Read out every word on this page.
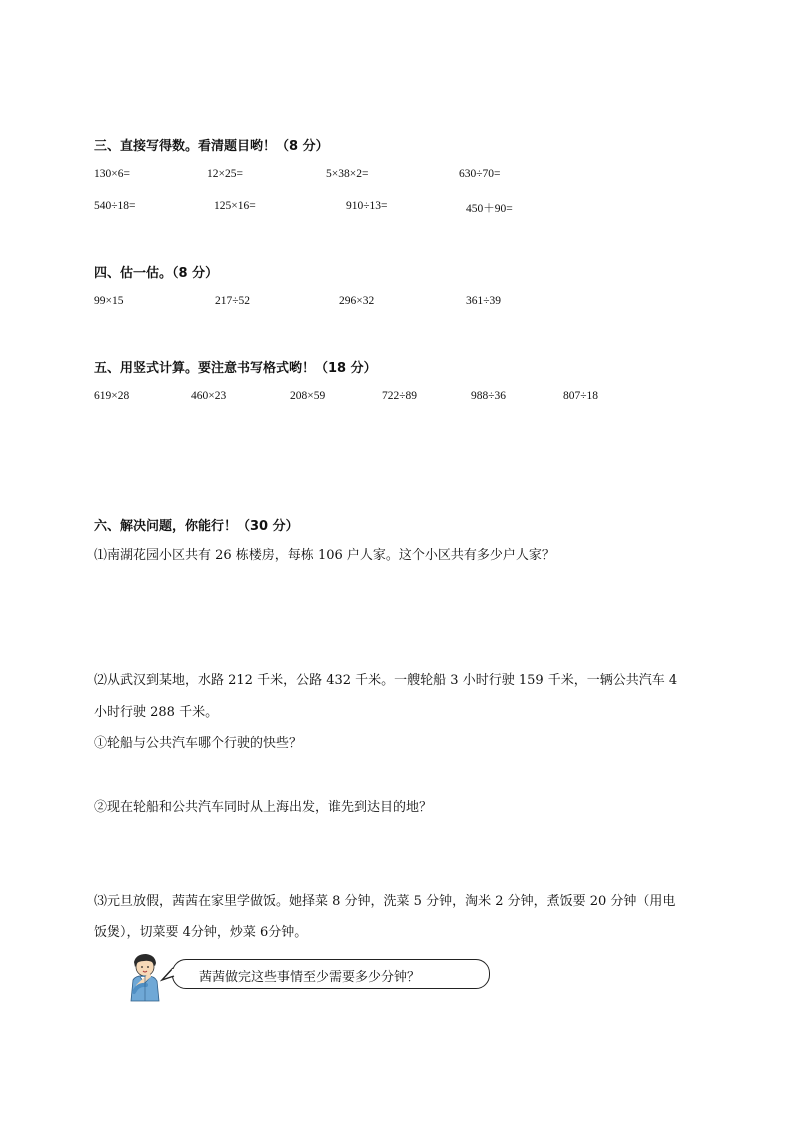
三、直接写得数。看清题目哟！（8 分）
130×6=	12×25=	5×38×2=	630÷70=
540÷18=	125×16=	910÷13=	450＋90=
四、估一估。（8 分）
99×15	217÷52	296×32	361÷39
五、用竖式计算。要注意书写格式哟！（18 分）
619×28	460×23	208×59	722÷89	988÷36	807÷18
六、解决问题，你能行！（30 分）
⑴南湖花园小区共有 26 栋楼房，每栋 106 户人家。这个小区共有多少户人家？
⑵从武汉到某地，水路 212 千米，公路 432 千米。一艘轮船 3 小时行驶 159 千米，一辆公共汽车 4
小时行驶 288 千米。
①轮船与公共汽车哪个行驶的快些？
②现在轮船和公共汽车同时从上海出发，谁先到达目的地？
⑶元旦放假，茜茜在家里学做饭。她择菜 8 分钟，洗菜 5 分钟，淘米 2 分钟，煮饭要 20 分钟（用电
饭煲），切菜要 4分钟，炒菜 6分钟。
茜茜做完这些事情至少需要多少分钟？
